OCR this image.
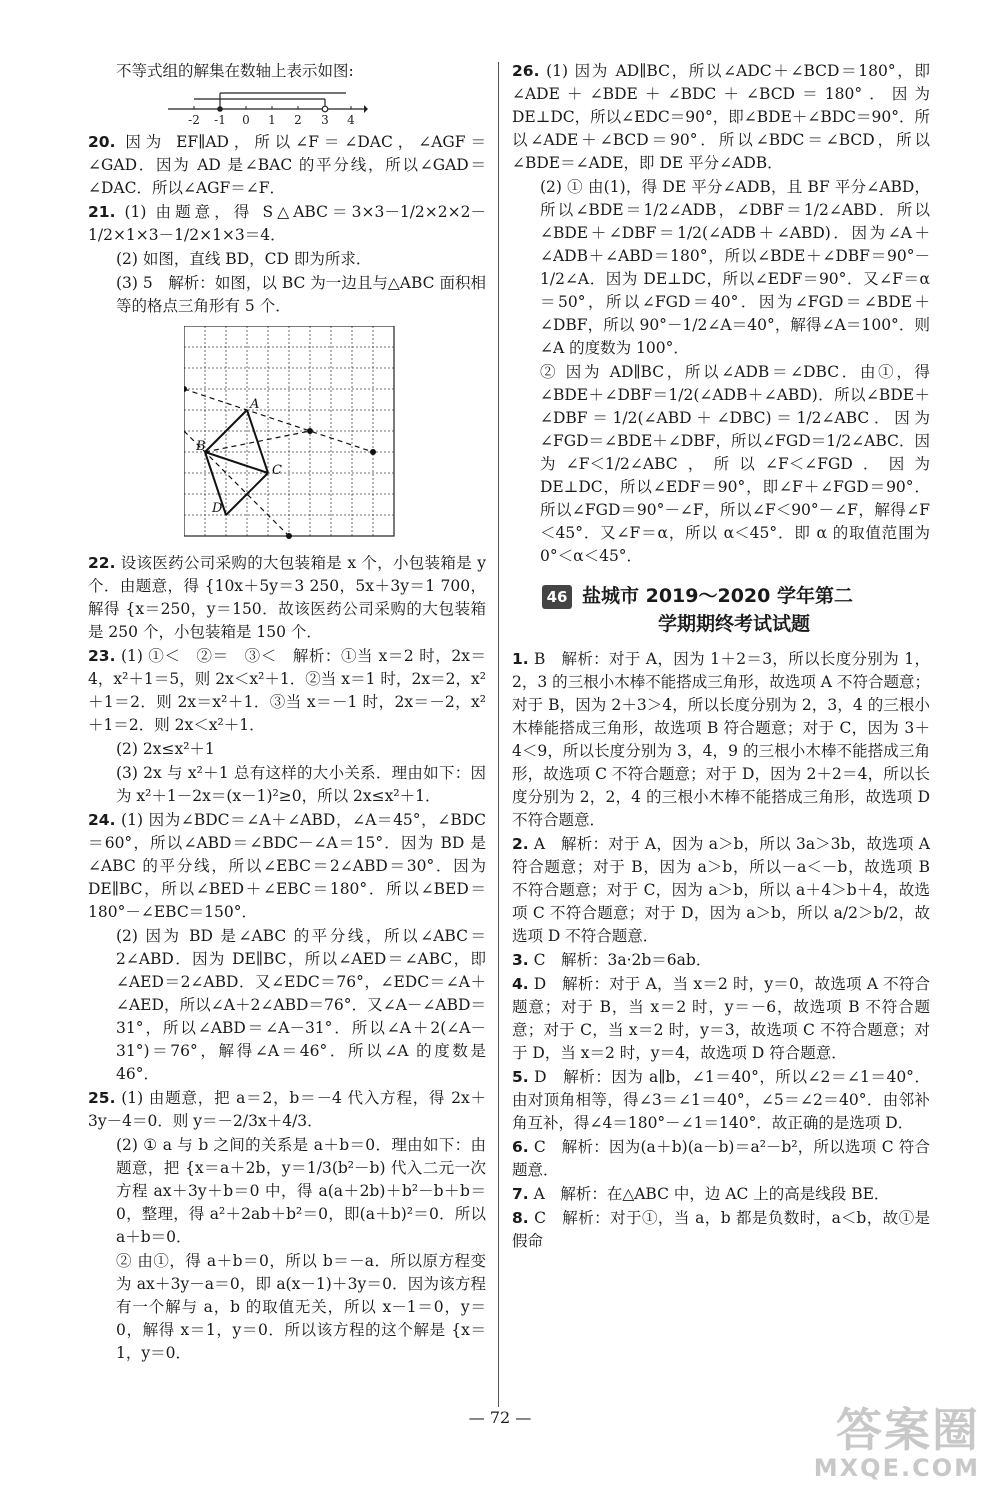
不等式组的解集在数轴上表示如图:

-2 -1 0 1 2 3 4

20. 因为 EF∥AD，所以∠F＝∠DAC，∠AGF＝∠GAD．因为 AD 是∠BAC 的平分线，所以∠GAD＝∠DAC．所以∠AGF＝∠F．

21. (1) 由题意，得 S△ABC＝3×3－1/2×2×2－1/2×1×3－1/2×1×3＝4．

(2) 如图，直线 BD，CD 即为所求．

(3) 5　解析：如图，以 BC 为一边且与△ABC 面积相等的格点三角形有 5 个．

A
B
C
D

22. 设该医药公司采购的大包装箱是 x 个，小包装箱是 y 个．由题意，得 {10x＋5y＝3 250，5x＋3y＝1 700，解得 {x＝250，y＝150．故该医药公司采购的大包装箱是 250 个，小包装箱是 150 个．

23. (1) ①＜　②＝　③＜　解析：①当 x＝2 时，2x＝4，x²＋1＝5，则 2x＜x²＋1．②当 x＝1 时，2x＝2，x²＋1＝2．则 2x＝x²＋1．③当 x＝－1 时，2x＝－2，x²＋1＝2．则 2x＜x²＋1．

(2) 2x≤x²＋1

(3) 2x 与 x²＋1 总有这样的大小关系．理由如下：因为 x²＋1－2x＝(x－1)²≥0，所以 2x≤x²＋1．

24. (1) 因为∠BDC＝∠A＋∠ABD，∠A＝45°，∠BDC＝60°，所以∠ABD＝∠BDC－∠A＝15°．因为 BD 是∠ABC 的平分线，所以∠EBC＝2∠ABD＝30°．因为 DE∥BC，所以∠BED＋∠EBC＝180°．所以∠BED＝180°－∠EBC＝150°．

(2) 因为 BD 是∠ABC 的平分线，所以∠ABC＝2∠ABD．因为 DE∥BC，所以∠AED＝∠ABC，即∠AED＝2∠ABD．又∠EDC＝76°，∠EDC＝∠A＋∠AED，所以∠A＋2∠ABD＝76°．又∠A－∠ABD＝31°，所以∠ABD＝∠A－31°．所以∠A＋2(∠A－31°)＝76°，解得∠A＝46°．所以∠A 的度数是 46°．

25. (1) 由题意，把 a＝2，b＝－4 代入方程，得 2x＋3y－4＝0．则 y＝－2/3x＋4/3．

(2) ① a 与 b 之间的关系是 a＋b＝0．理由如下：由题意，把 {x＝a＋2b，y＝1/3(b²－b) 代入二元一次方程 ax＋3y＋b＝0 中，得 a(a＋2b)＋b²－b＋b＝0，整理，得 a²＋2ab＋b²＝0，即(a＋b)²＝0．所以 a＋b＝0．

② 由①，得 a＋b＝0，所以 b＝－a．所以原方程变为 ax＋3y－a＝0，即 a(x－1)＋3y＝0．因为该方程有一个解与 a，b 的取值无关，所以 x－1＝0，y＝0，解得 x＝1，y＝0．所以该方程的这个解是 {x＝1，y＝0．

26. (1) 因为 AD∥BC，所以∠ADC＋∠BCD＝180°，即∠ADE＋∠BDE＋∠BDC＋∠BCD＝180°．因为 DE⊥DC，所以∠EDC＝90°，即∠BDE＋∠BDC＝90°．所以∠ADE＋∠BCD＝90°．所以∠BDC＝∠BCD，所以∠BDE＝∠ADE，即 DE 平分∠ADB．

(2) ① 由(1)，得 DE 平分∠ADB，且 BF 平分∠ABD，所以∠BDE＝1/2∠ADB，∠DBF＝1/2∠ABD．所以∠BDE＋∠DBF＝1/2(∠ADB＋∠ABD)．因为∠A＋∠ADB＋∠ABD＝180°，所以∠BDE＋∠DBF＝90°－1/2∠A．因为 DE⊥DC，所以∠EDF＝90°．又∠F＝α＝50°，所以∠FGD＝40°．因为∠FGD＝∠BDE＋∠DBF，所以 90°－1/2∠A＝40°，解得∠A＝100°．则∠A 的度数为 100°．

② 因为 AD∥BC，所以∠ADB＝∠DBC．由①，得∠BDE＋∠DBF＝1/2(∠ADB＋∠ABD)．所以∠BDE＋∠DBF＝1/2(∠ABD＋∠DBC)＝1/2∠ABC．因为∠FGD＝∠BDE＋∠DBF，所以∠FGD＝1/2∠ABC．因为∠F＜1/2∠ABC，所以∠F＜∠FGD．因为 DE⊥DC，所以∠EDF＝90°，即∠F＋∠FGD＝90°．所以∠FGD＝90°－∠F，所以∠F＜90°－∠F，解得∠F＜45°．又∠F＝α，所以 α＜45°．即 α 的取值范围为 0°＜α＜45°．

46 盐城市 2019～2020 学年第二
学期期终考试试题

1. B　解析：对于 A，因为 1＋2＝3，所以长度分别为 1，2，3 的三根小木棒不能搭成三角形，故选项 A 不符合题意；对于 B，因为 2＋3＞4，所以长度分别为 2，3，4 的三根小木棒能搭成三角形，故选项 B 符合题意；对于 C，因为 3＋4＜9，所以长度分别为 3，4，9 的三根小木棒不能搭成三角形，故选项 C 不符合题意；对于 D，因为 2＋2＝4，所以长度分别为 2，2，4 的三根小木棒不能搭成三角形，故选项 D 不符合题意．

2. A　解析：对于 A，因为 a＞b，所以 3a＞3b，故选项 A 符合题意；对于 B，因为 a＞b，所以－a＜－b，故选项 B 不符合题意；对于 C，因为 a＞b，所以 a＋4＞b＋4，故选项 C 不符合题意；对于 D，因为 a＞b，所以 a/2＞b/2，故选项 D 不符合题意．

3. C　解析：3a·2b＝6ab．

4. D　解析：对于 A，当 x＝2 时，y＝0，故选项 A 不符合题意；对于 B，当 x＝2 时，y＝－6，故选项 B 不符合题意；对于 C，当 x＝2 时，y＝3，故选项 C 不符合题意；对于 D，当 x＝2 时，y＝4，故选项 D 符合题意．

5. D　解析：因为 a∥b，∠1＝40°，所以∠2＝∠1＝40°．由对顶角相等，得∠3＝∠1＝40°，∠5＝∠2＝40°．由邻补角互补，得∠4＝180°－∠1＝140°．故正确的是选项 D．

6. C　解析：因为(a＋b)(a－b)＝a²－b²，所以选项 C 符合题意．

7. A　解析：在△ABC 中，边 AC 上的高是线段 BE．

8. C　解析：对于①，当 a，b 都是负数时，a＜b，故①是假命

— 72 —	答案圈
MXQE.COM
